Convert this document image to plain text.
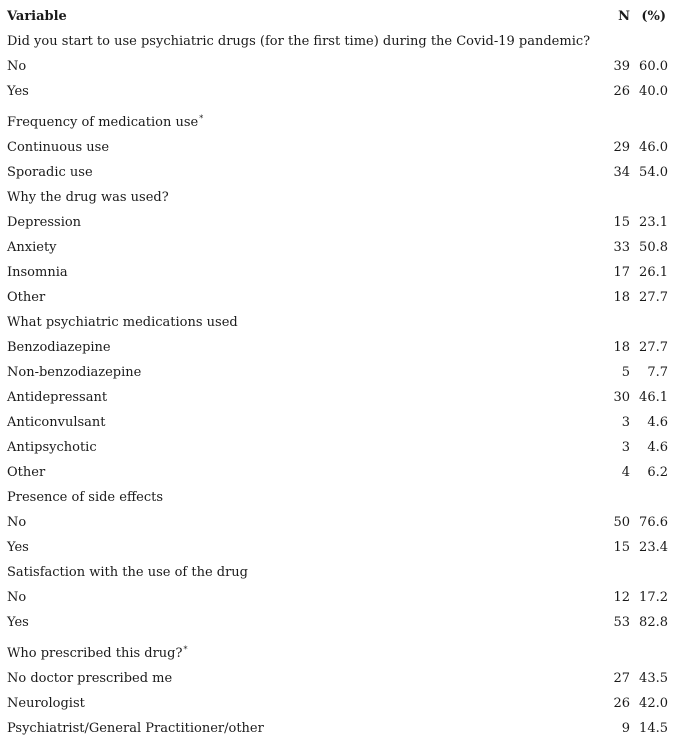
Variable	N (%)
Did you start to use psychiatric drugs (for the first time) during the Covid-19 pandemic?
No	39 60.0
Yes	26 40.0
Frequency of medication use*
Continuous use	29 46.0
Sporadic use	34 54.0
Why the drug was used?
Depression	15 23.1
Anxiety	33 50.8
Insomnia	17 26.1
Other	18 27.7
What psychiatric medications used
Benzodiazepine	18 27.7
Non-benzodiazepine	5	7.7
Antidepressant	30 46.1
Anticonvulsant	3	4.6
Antipsychotic	3	4.6
Other	4	6.2
Presence of side effects
No	50 76.6
Yes	15 23.4
Satisfaction with the use of the drug
No	12 17.2
Yes	53 82.8
Who prescribed this drug?*
No doctor prescribed me	27 43.5
Neurologist	26 42.0
Psychiatrist/General Practitioner/other	9 14.5
